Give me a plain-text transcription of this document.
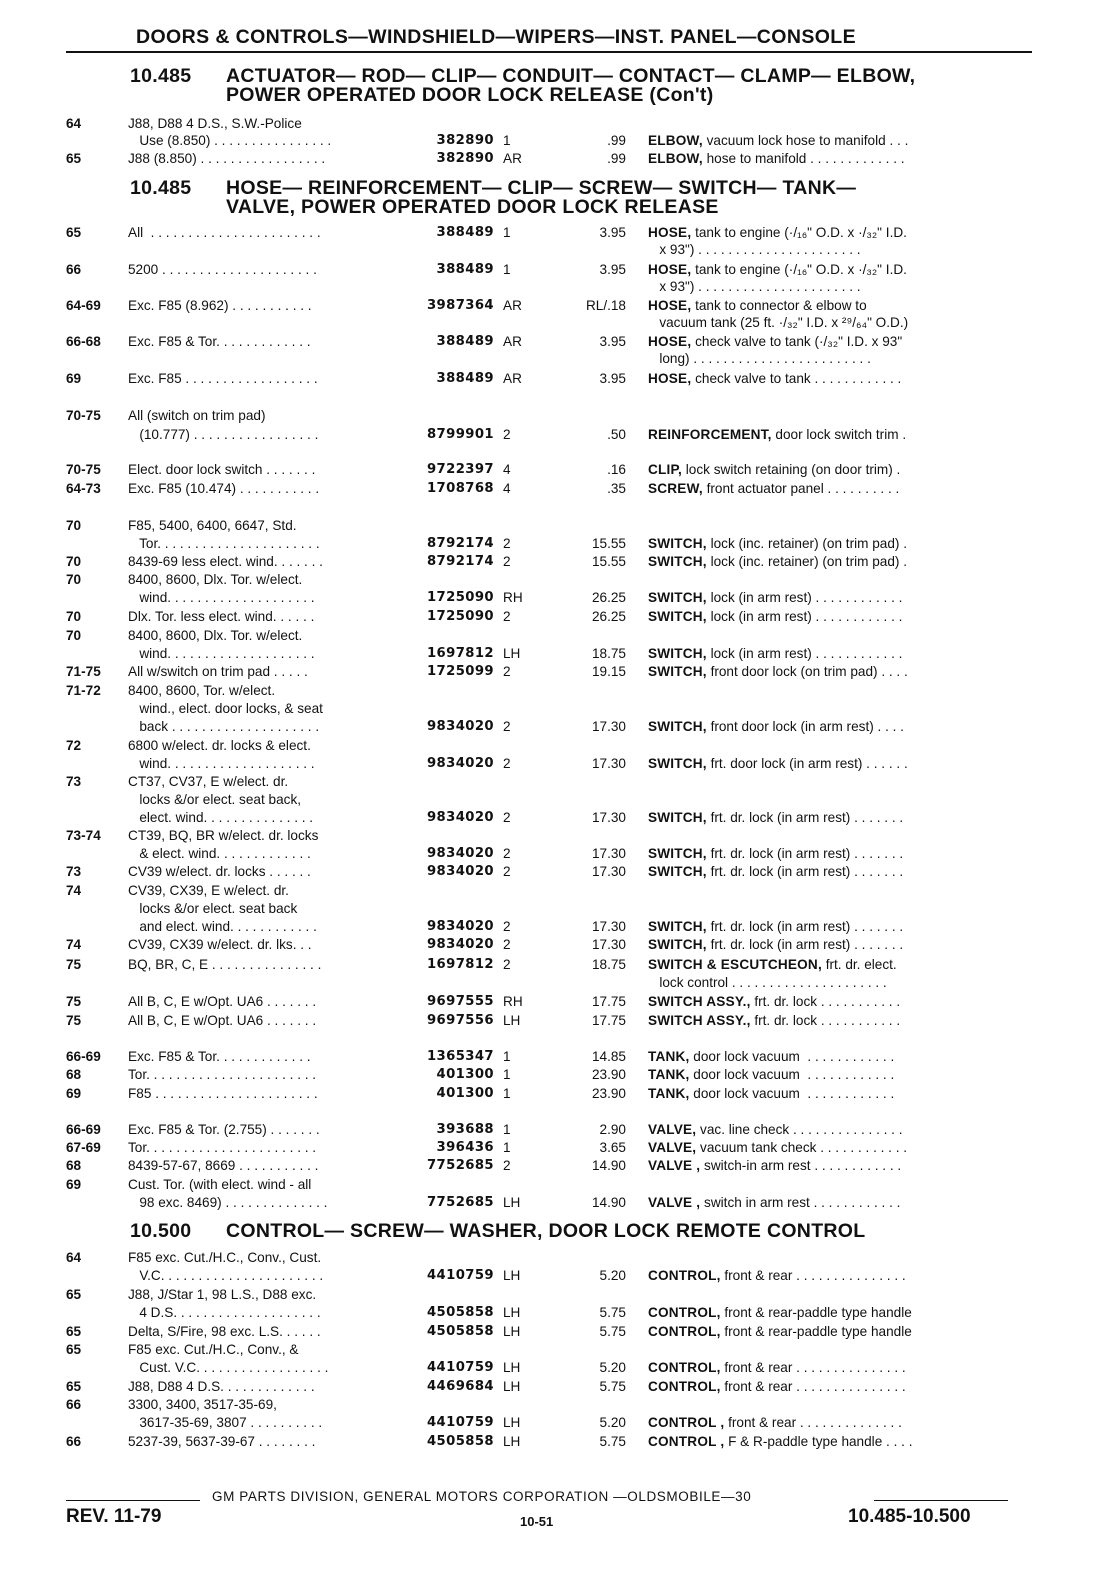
DOORS & CONTROLS—WINDSHIELD—WIPERS—INST. PANEL—CONSOLE
10.485 ACTUATOR— ROD— CLIP— CONDUIT— CONTACT— CLAMP— ELBOW,
POWER OPERATED DOOR LOCK RELEASE (Con't)
10.485 HOSE— REINFORCEMENT— CLIP— SCREW— SWITCH— TANK—
VALVE, POWER OPERATED DOOR LOCK RELEASE
10.500 CONTROL— SCREW— WASHER, DOOR LOCK REMOTE CONTROL
64	J88, D88 4 D.S., S.W.-Police
Use (8.850) . . . . . . . . . . . . . . . .	382890 1	.99 ELBOW, vacuum lock hose to manifold . . .
65	J88 (8.850) . . . . . . . . . . . . . . . . .	382890 AR	.99 ELBOW, hose to manifold . . . . . . . . . . . . .
65	All  . . . . . . . . . . . . . . . . . . . . . . .	388489 1	3.95 HOSE, tank to engine (·/₁₆" O.D. x ·/₃₂" I.D.
x 93") . . . . . . . . . . . . . . . . . . . . . .
66	5200 . . . . . . . . . . . . . . . . . . . . .	388489 1	3.95 HOSE, tank to engine (·/₁₆" O.D. x ·/₃₂" I.D.
x 93") . . . . . . . . . . . . . . . . . . . . . .
64-69 Exc. F85 (8.962) . . . . . . . . . . .	3987364 AR	RL/.18 HOSE, tank to connector & elbow to
vacuum tank (25 ft. ·/₃₂" I.D. x ²⁹/₆₄" O.D.)
66-68 Exc. F85 & Tor. . . . . . . . . . . . .	388489 AR	3.95 HOSE, check valve to tank (·/₃₂" I.D. x 93"
long) . . . . . . . . . . . . . . . . . . . . . . . .
69	Exc. F85 . . . . . . . . . . . . . . . . . .	388489 AR	3.95 HOSE, check valve to tank . . . . . . . . . . . .
70-75 All (switch on trim pad)
(10.777) . . . . . . . . . . . . . . . . .	8799901 2	.50 REINFORCEMENT, door lock switch trim .
70-75 Elect. door lock switch . . . . . . .	9722397 4	.16 CLIP, lock switch retaining (on door trim) .
64-73 Exc. F85 (10.474) . . . . . . . . . . .	1708768 4	.35 SCREW, front actuator panel . . . . . . . . . .
70	F85, 5400, 6400, 6647, Std.
Tor. . . . . . . . . . . . . . . . . . . . . .	8792174 2	15.55 SWITCH, lock (inc. retainer) (on trim pad) .
70	8439-69 less elect. wind. . . . . . .	8792174 2	15.55 SWITCH, lock (inc. retainer) (on trim pad) .
70	8400, 8600, Dlx. Tor. w/elect.
wind. . . . . . . . . . . . . . . . . . . .	1725090 RH	26.25 SWITCH, lock (in arm rest) . . . . . . . . . . . .
70	Dlx. Tor. less elect. wind. . . . . .	1725090 2	26.25 SWITCH, lock (in arm rest) . . . . . . . . . . . .
70	8400, 8600, Dlx. Tor. w/elect.
wind. . . . . . . . . . . . . . . . . . . .	1697812 LH	18.75 SWITCH, lock (in arm rest) . . . . . . . . . . . .
71-75 All w/switch on trim pad . . . . .	1725099 2	19.15 SWITCH, front door lock (on trim pad) . . . .
71-72 8400, 8600, Tor. w/elect.
wind., elect. door locks, & seat
back . . . . . . . . . . . . . . . . . . . .	9834020 2	17.30 SWITCH, front door lock (in arm rest) . . . .
72	6800 w/elect. dr. locks & elect.
wind. . . . . . . . . . . . . . . . . . . .	9834020 2	17.30 SWITCH, frt. door lock (in arm rest) . . . . . .
73	CT37, CV37, E w/elect. dr.
locks &/or elect. seat back,
elect. wind. . . . . . . . . . . . . . .	9834020 2	17.30 SWITCH, frt. dr. lock (in arm rest) . . . . . . .
73-74 CT39, BQ, BR w/elect. dr. locks
& elect. wind. . . . . . . . . . . . .	9834020 2	17.30 SWITCH, frt. dr. lock (in arm rest) . . . . . . .
73	CV39 w/elect. dr. locks . . . . . .	9834020 2	17.30 SWITCH, frt. dr. lock (in arm rest) . . . . . . .
74	CV39, CX39, E w/elect. dr.
locks &/or elect. seat back
and elect. wind. . . . . . . . . . . .	9834020 2	17.30 SWITCH, frt. dr. lock (in arm rest) . . . . . . .
74	CV39, CX39 w/elect. dr. lks. . .	9834020 2	17.30 SWITCH, frt. dr. lock (in arm rest) . . . . . . .
75	BQ, BR, C, E . . . . . . . . . . . . . . .	1697812 2	18.75 SWITCH & ESCUTCHEON, frt. dr. elect.
lock control . . . . . . . . . . . . . . . . . . . . .
75	All B, C, E w/Opt. UA6 . . . . . . .	9697555 RH	17.75 SWITCH ASSY., frt. dr. lock . . . . . . . . . . .
75	All B, C, E w/Opt. UA6 . . . . . . .	9697556 LH	17.75 SWITCH ASSY., frt. dr. lock . . . . . . . . . . .
66-69 Exc. F85 & Tor. . . . . . . . . . . . .	1365347 1	14.85 TANK, door lock vacuum  . . . . . . . . . . . .
68	Tor. . . . . . . . . . . . . . . . . . . . . . .	401300 1	23.90 TANK, door lock vacuum  . . . . . . . . . . . .
69	F85 . . . . . . . . . . . . . . . . . . . . . .	401300 1	23.90 TANK, door lock vacuum  . . . . . . . . . . . .
66-69 Exc. F85 & Tor. (2.755) . . . . . . .	393688 1	2.90 VALVE, vac. line check . . . . . . . . . . . . . . .
67-69 Tor. . . . . . . . . . . . . . . . . . . . . . .	396436 1	3.65 VALVE, vacuum tank check . . . . . . . . . . . .
68	8439-57-67, 8669 . . . . . . . . . . .	7752685 2	14.90 VALVE , switch-in arm rest . . . . . . . . . . . .
69	Cust. Tor. (with elect. wind - all
98 exc. 8469) . . . . . . . . . . . . . .	7752685 LH	14.90 VALVE , switch in arm rest . . . . . . . . . . . .
64	F85 exc. Cut./H.C., Conv., Cust.
V.C. . . . . . . . . . . . . . . . . . . . . .	4410759 LH	5.20 CONTROL, front & rear . . . . . . . . . . . . . . .
65	J88, J/Star 1, 98 L.S., D88 exc.
4 D.S. . . . . . . . . . . . . . . . . . . .	4505858 LH	5.75 CONTROL, front & rear-paddle type handle
65	Delta, S/Fire, 98 exc. L.S. . . . . .	4505858 LH	5.75 CONTROL, front & rear-paddle type handle
65	F85 exc. Cut./H.C., Conv., &
Cust. V.C. . . . . . . . . . . . . . . . . .	4410759 LH	5.20 CONTROL, front & rear . . . . . . . . . . . . . . .
65	J88, D88 4 D.S. . . . . . . . . . . . .	4469684 LH	5.75 CONTROL, front & rear . . . . . . . . . . . . . . .
66	3300, 3400, 3517-35-69,
3617-35-69, 3807 . . . . . . . . . .	4410759 LH	5.20 CONTROL , front & rear . . . . . . . . . . . . . .
66	5237-39, 5637-39-67 . . . . . . . .	4505858 LH	5.75 CONTROL , F & R-paddle type handle . . . .
GM PARTS DIVISION, GENERAL MOTORS CORPORATION —OLDSMOBILE—30
REV. 11-79	10-51	10.485-10.500
